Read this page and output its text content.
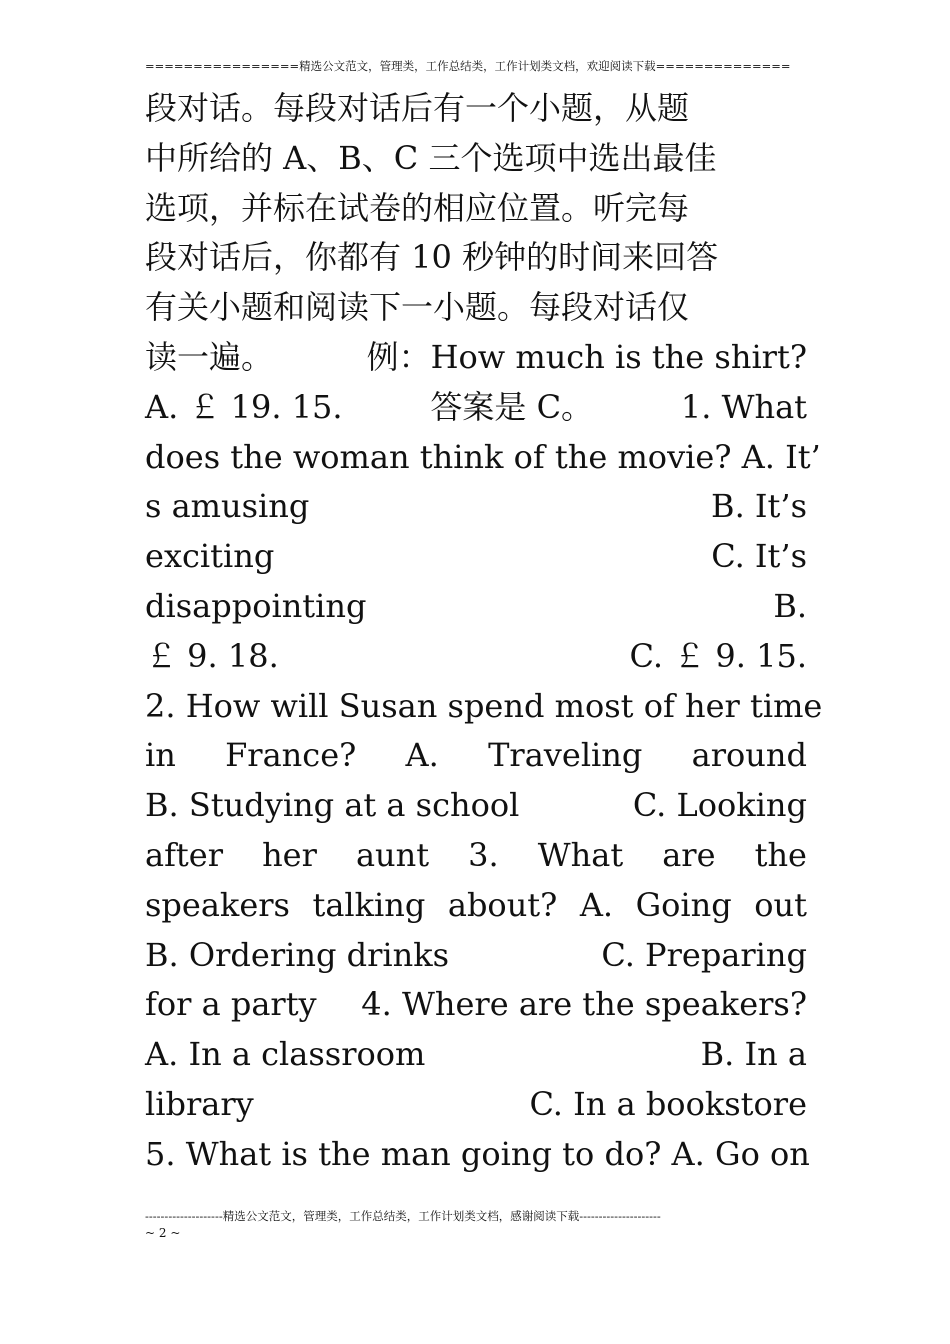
================精选公文范文，管理类，工作总结类，工作计划类文档，欢迎阅读下载==============
段对话。每段对话后有一个小题，从题
中所给的 A、B、C 三个选项中选出最佳
选项，并标在试卷的相应位置。听完每
段对话后，你都有 10 秒钟的时间来回答
有关小题和阅读下一小题。每段对话仅
读一遍。	例：How much is the shirt?
A. ￡ 19. 15.	答案是 C。	1. What
does the woman think of the movie? A. It’
s amusing	B. It’s
exciting	C. It’s
disappointing	B.
￡ 9. 18.	C. ￡ 9. 15.
2. How will Susan spend most of her time
in France? A. Traveling around
B. Studying at a school	C. Looking
after her aunt 3. What are the
speakers talking about? A. Going out
B. Ordering drinks	C. Preparing
for a party 4. Where are the speakers?
A. In a classroom	B. In a
library	C. In a bookstore
5. What is the man going to do? A. Go on
--------------------精选公文范文，管理类，工作总结类，工作计划类文档，感谢阅读下载---------------------
~ 2 ~
